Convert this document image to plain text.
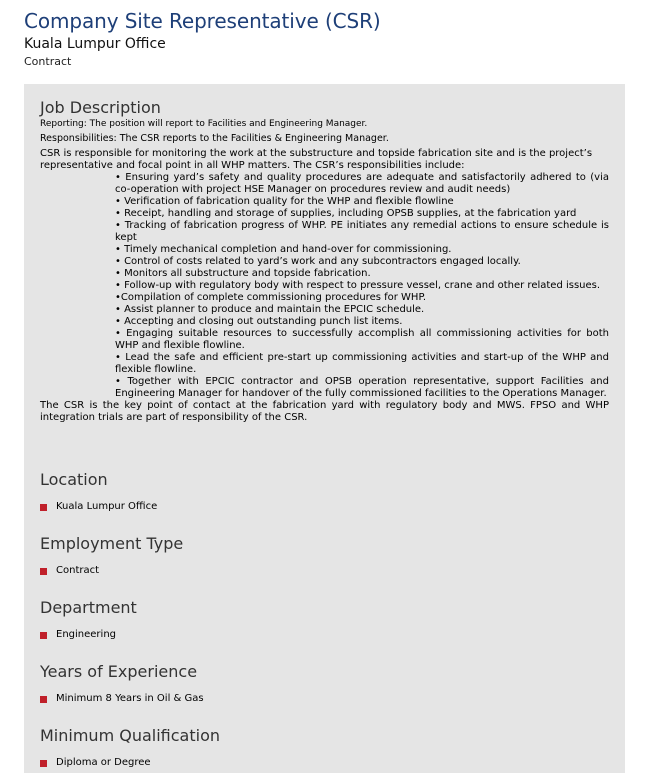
Company Site Representative (CSR)
Kuala Lumpur Office
Contract
Job Description

Reporting: The position will report to Facilities and Engineering Manager.

Responsibilities: The CSR reports to the Facilities & Engineering Manager.

CSR is responsible for monitoring the work at the substructure and topside fabrication site and is the project’s

representative and focal point in all WHP matters. The CSR’s responsibilities include:

• Ensuring yard’s safety and quality procedures are adequate and satisfactorily adhered to (via co-operation with project HSE Manager on procedures review and audit needs)
• Verification of fabrication quality for the WHP and flexible flowline
• Receipt, handling and storage of supplies, including OPSB supplies, at the fabrication yard
• Tracking of fabrication progress of WHP. PE initiates any remedial actions to ensure schedule is kept
• Timely mechanical completion and hand-over for commissioning.
• Control of costs related to yard’s work and any subcontractors engaged locally.
• Monitors all substructure and topside fabrication.
• Follow-up with regulatory body with respect to pressure vessel, crane and other related issues.
•Compilation of complete commissioning procedures for WHP.
• Assist planner to produce and maintain the EPCIC schedule.
• Accepting and closing out outstanding punch list items.
• Engaging suitable resources to successfully accomplish all commissioning activities for both WHP and flexible flowline.
• Lead the safe and efficient pre-start up commissioning activities and start-up of the WHP and flexible flowline.
• Together with EPCIC contractor and OPSB operation representative, support Facilities and Engineering Manager for handover of the fully commissioned facilities to the Operations Manager.

The CSR is the key point of contact at the fabrication yard with regulatory body and MWS. FPSO and WHP integration trials are part of responsibility of the CSR.

Location
Kuala Lumpur Office
Employment Type
Contract
Department
Engineering
Years of Experience
Minimum 8 Years in Oil & Gas
Minimum Qualification
Diploma or Degree
